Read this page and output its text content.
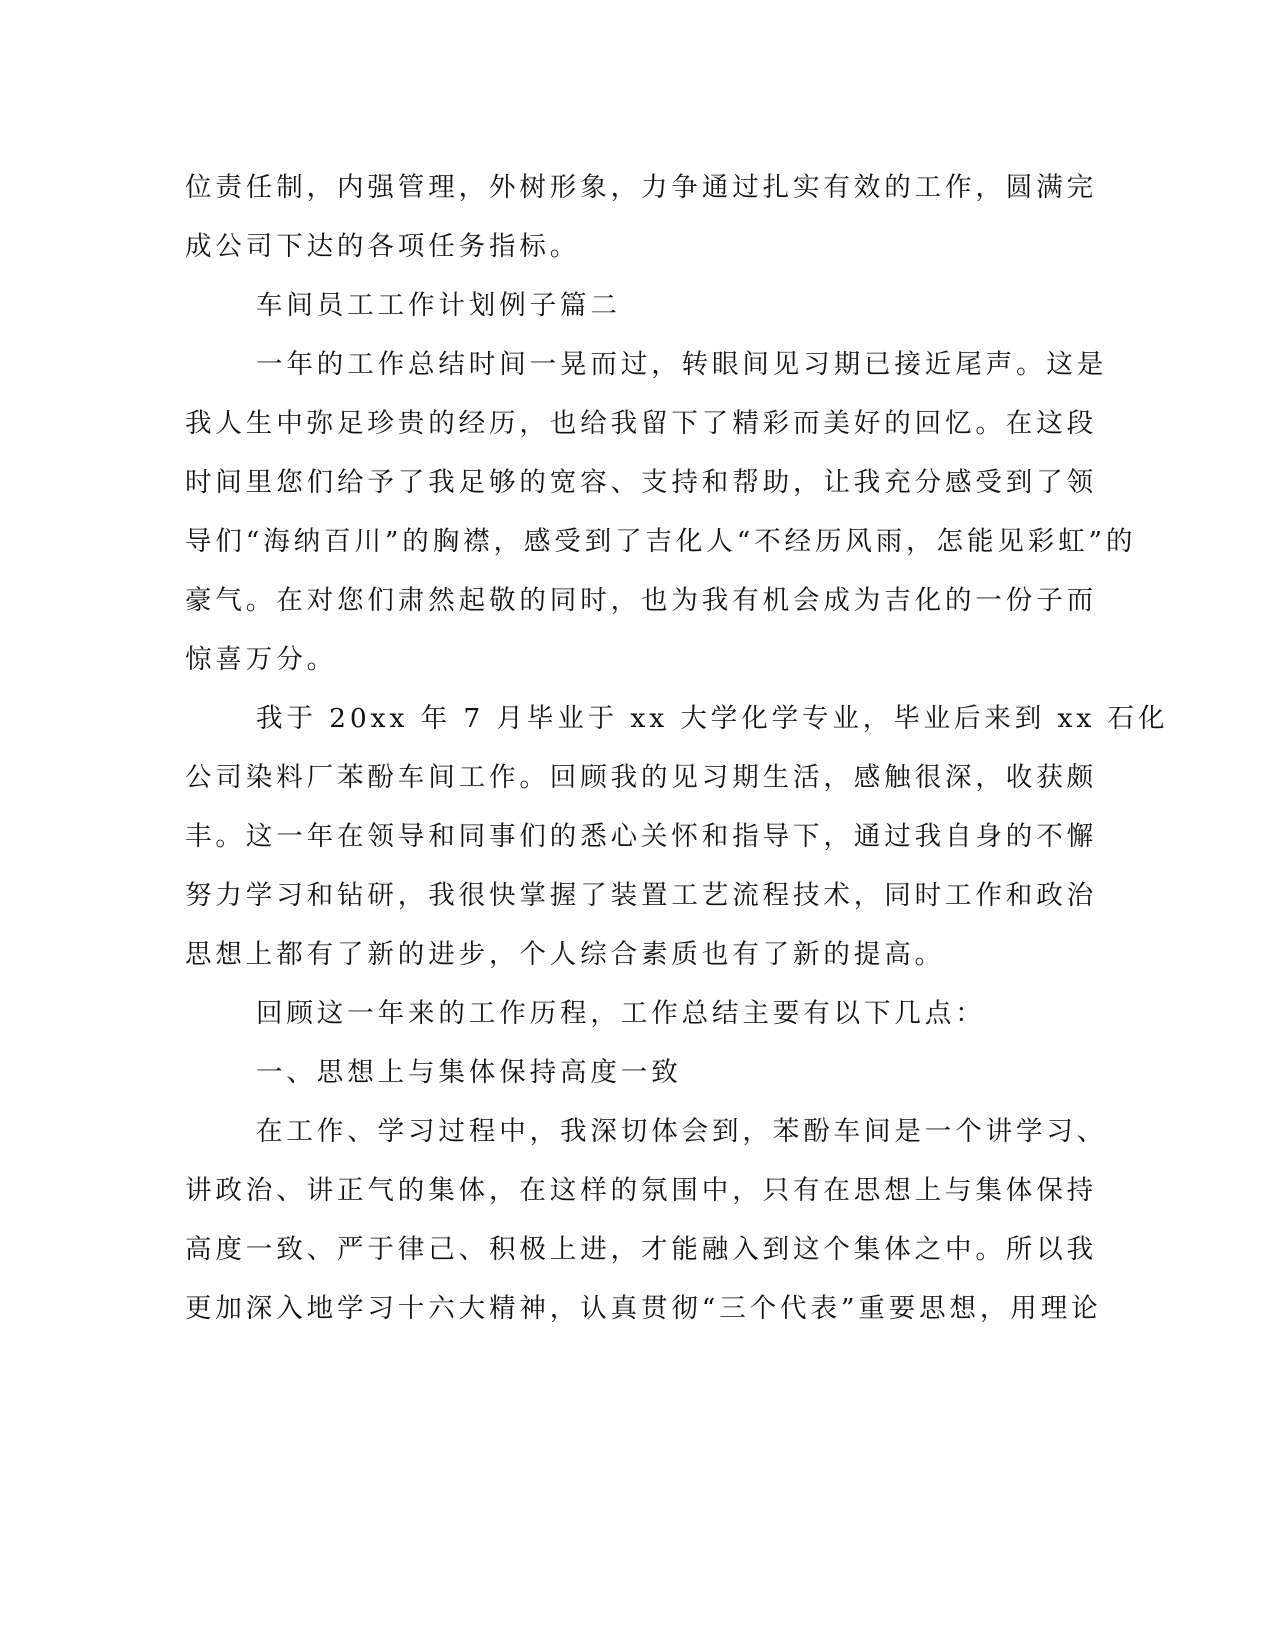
位责任制，内强管理，外树形象，力争通过扎实有效的工作，圆满完
成公司下达的各项任务指标。
车间员工工作计划例子篇二
一年的工作总结时间一晃而过，转眼间见习期已接近尾声。这是
我人生中弥足珍贵的经历，也给我留下了精彩而美好的回忆。在这段
时间里您们给予了我足够的宽容、支持和帮助，让我充分感受到了领
导们“海纳百川”的胸襟，感受到了吉化人“不经历风雨，怎能见彩虹”的
豪气。在对您们肃然起敬的同时，也为我有机会成为吉化的一份子而
惊喜万分。
我于 20xx 年 7 月毕业于 xx 大学化学专业，毕业后来到 xx 石化
公司染料厂苯酚车间工作。回顾我的见习期生活，感触很深，收获颇
丰。这一年在领导和同事们的悉心关怀和指导下，通过我自身的不懈
努力学习和钻研，我很快掌握了装置工艺流程技术，同时工作和政治
思想上都有了新的进步，个人综合素质也有了新的提高。
回顾这一年来的工作历程，工作总结主要有以下几点：
一、思想上与集体保持高度一致
在工作、学习过程中，我深切体会到，苯酚车间是一个讲学习、
讲政治、讲正气的集体，在这样的氛围中，只有在思想上与集体保持
高度一致、严于律己、积极上进，才能融入到这个集体之中。所以我
更加深入地学习十六大精神，认真贯彻“三个代表”重要思想，用理论
